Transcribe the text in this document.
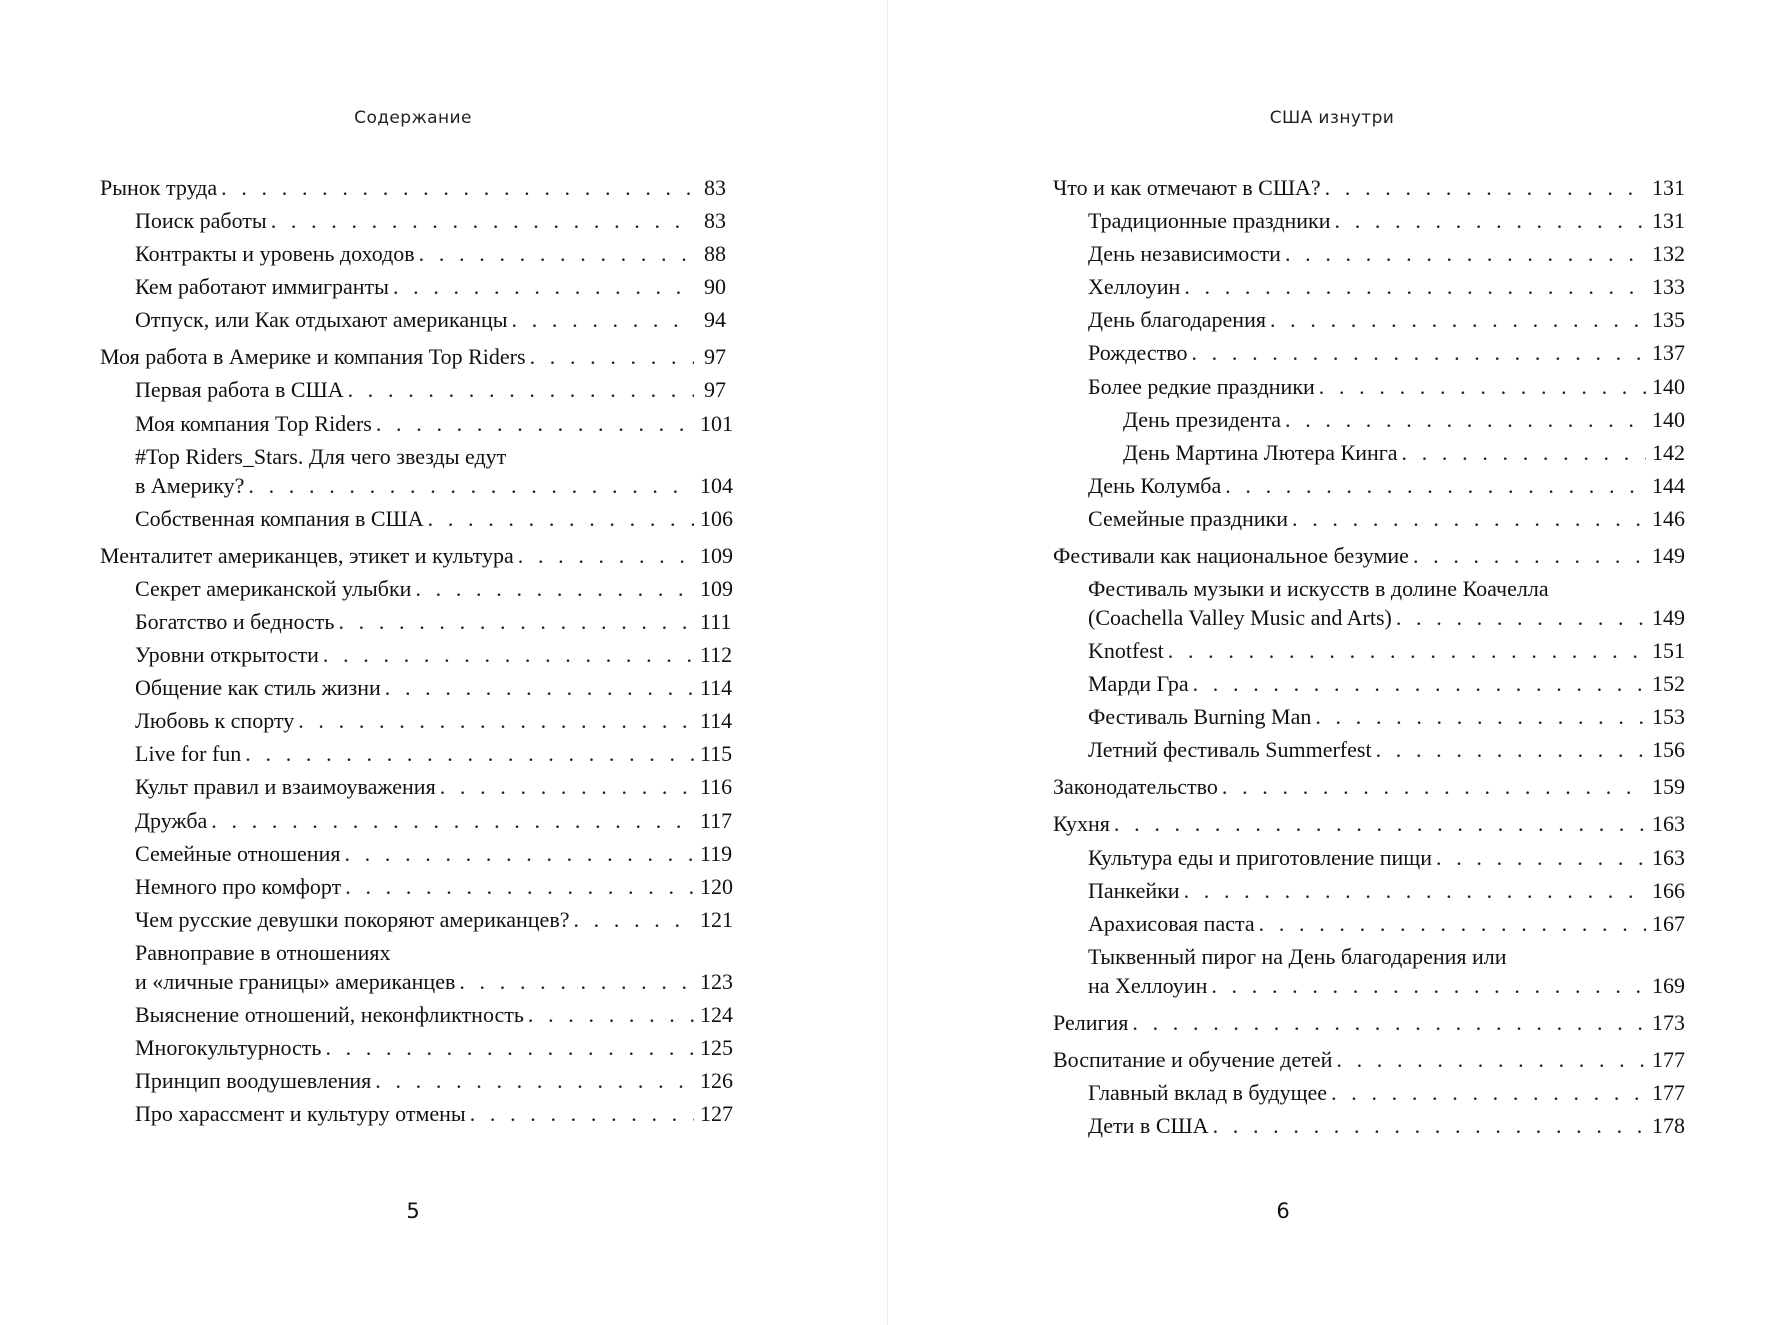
Содержание
Рынок труда . . .	83
Поиск работы . . .	83
Контракты и уровень доходов . . .	88
Кем работают иммигранты . . .	90
Отпуск, или Как отдыхают американцы . . .	94
Моя работа в Америке и компания Top Riders . . .	97
Первая работа в США . . .	97
Моя компания Top Riders . . .	101
#Top Riders_Stars. Для чего звезды едут
в Америку? . . .	104
Собственная компания в США . . .	106
Менталитет американцев, этикет и культура . . .	109
Секрет американской улыбки . . .	109
Богатство и бедность . . .	111
Уровни открытости . . .	112
Общение как стиль жизни . . .	114
Любовь к спорту . . .	114
Live for fun . . .	115
Культ правил и взаимоуважения . . .	116
Дружба . . .	117
Семейные отношения . . .	119
Немного про комфорт . . .	120
Чем русские девушки покоряют американцев? . . .	121
Равноправие в отношениях
и «личные границы» американцев . . .	123
Выяснение отношений, неконфликтность . . .	124
Многокультурность . . .	125
Принцип воодушевления . . .	126
Про харассмент и культуру отмены . . .	127
5
США изнутри
Что и как отмечают в США? . . .	131
Традиционные праздники . . .	131
День независимости . . .	132
Хеллоуин . . .	133
День благодарения . . .	135
Рождество . . .	137
Более редкие праздники . . .	140
День президента . . .	140
День Мартина Лютера Кинга . . .	142
День Колумба . . .	144
Семейные праздники . . .	146
Фестивали как национальное безумие . . .	149
Фестиваль музыки и искусств в долине Коачелла
(Coachella Valley Music and Arts) . . .	149
Knotfest . . .	151
Марди Гра . . .	152
Фестиваль Burning Man . . .	153
Летний фестиваль Summerfest . . .	156
Законодательство . . .	159
Кухня . . .	163
Культура еды и приготовление пищи . . .	163
Панкейки . . .	166
Арахисовая паста . . .	167
Тыквенный пирог на День благодарения или
на Хеллоуин . . .	169
Религия . . .	173
Воспитание и обучение детей . . .	177
Главный вклад в будущее . . .	177
Дети в США . . .	178
6
